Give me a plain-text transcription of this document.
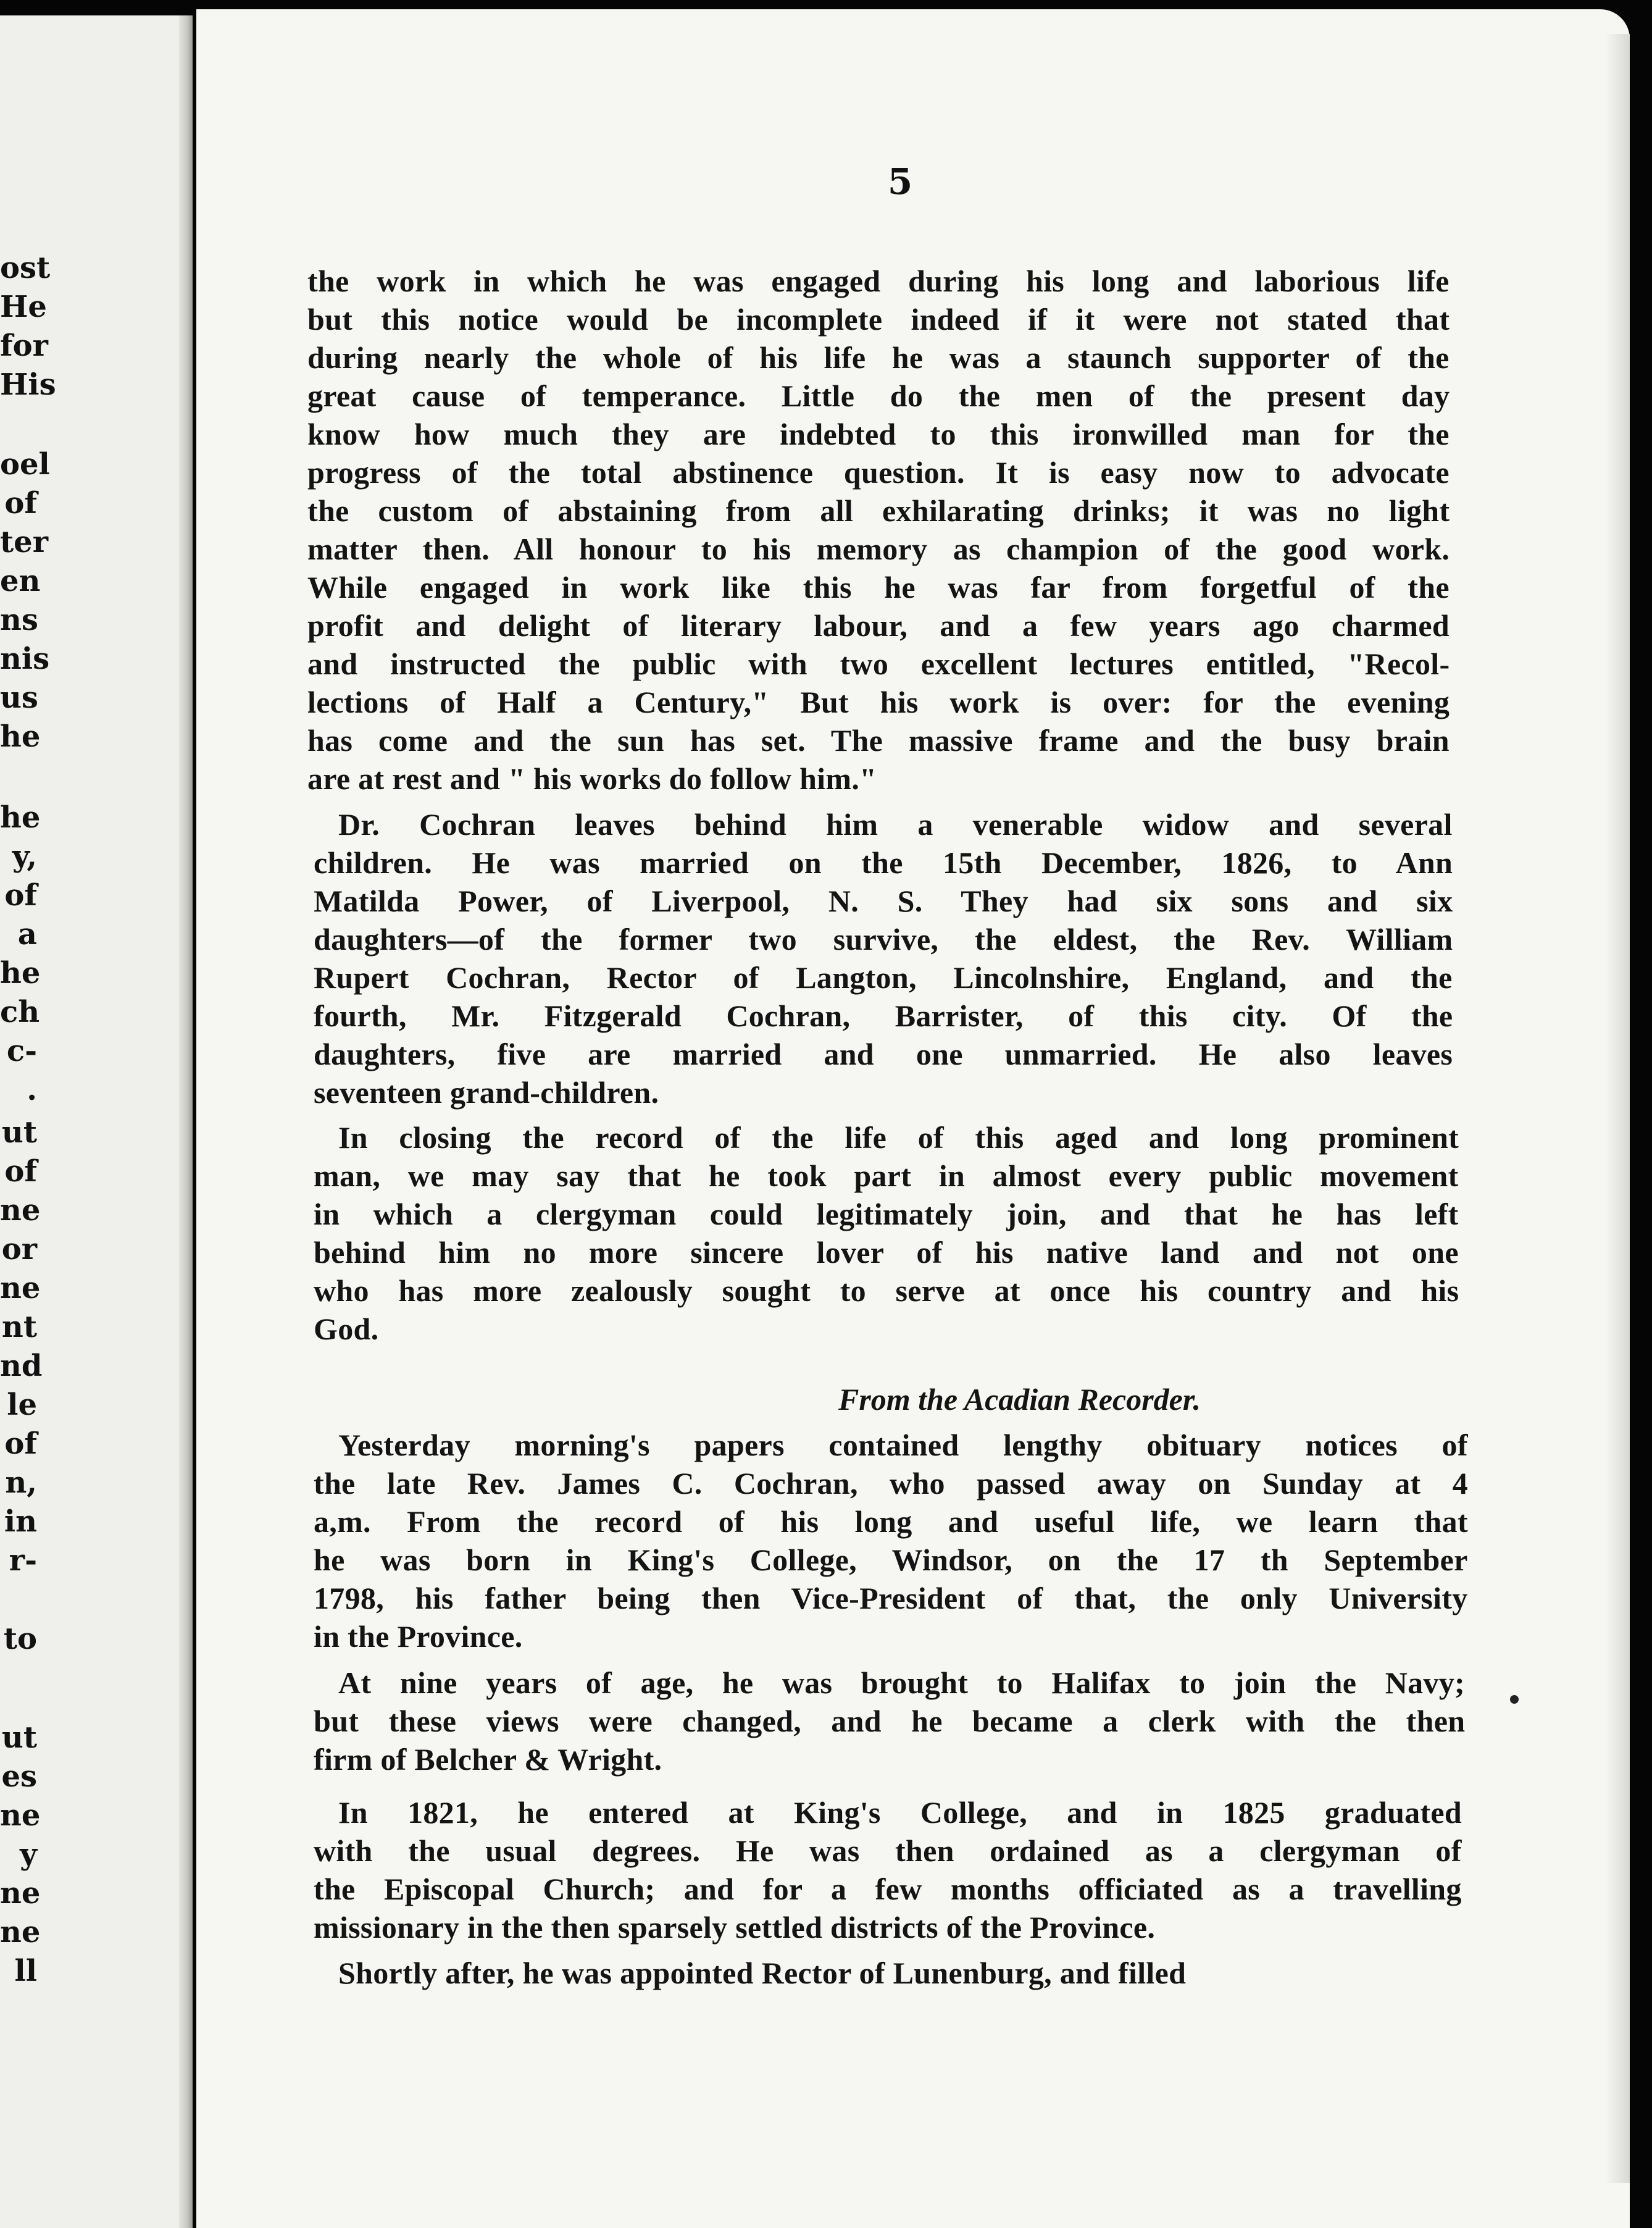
ost
He
for
His
oel
of
ter
en
ns
nis
us
he
he
y,
of
a
he
ch
c-
.
ut
of
ne
or
ne
nt
nd
le
of
n,
in
r-
to
ut
es
ne
y
ne
ne
ll
5
the work in which he was engaged during his long and laborious life
but this notice would be incomplete indeed if it were not stated that
during nearly the whole of his life he was a staunch supporter of the
great cause of temperance. Little do the men of the present day
know how much they are indebted to this ironwilled man for the
progress of the total abstinence question. It is easy now to advocate
the custom of abstaining from all exhilarating drinks; it was no light
matter then. All honour to his memory as champion of the good work.
While engaged in work like this he was far from forgetful of the
profit and delight of literary labour, and a few years ago charmed
and instructed the public with two excellent lectures entitled, "Recol-
lections of Half a Century," But his work is over: for the evening
has come and the sun has set. The massive frame and the busy brain
are at rest and " his works do follow him."
Dr. Cochran leaves behind him a venerable widow and several
children. He was married on the 15th December, 1826, to Ann
Matilda Power, of Liverpool, N. S. They had six sons and six
daughters—of the former two survive, the eldest, the Rev. William
Rupert Cochran, Rector of Langton, Lincolnshire, England, and the
fourth, Mr. Fitzgerald Cochran, Barrister, of this city. Of the
daughters, five are married and one unmarried. He also leaves
seventeen grand-children.
In closing the record of the life of this aged and long prominent
man, we may say that he took part in almost every public movement
in which a clergyman could legitimately join, and that he has left
behind him no more sincere lover of his native land and not one
who has more zealously sought to serve at once his country and his
God.
Yesterday morning's papers contained lengthy obituary notices of
the late Rev. James C. Cochran, who passed away on Sunday at 4
a,m. From the record of his long and useful life, we learn that
he was born in King's College, Windsor, on the 17 th September
1798, his father being then Vice-President of that, the only University
in the Province.
At nine years of age, he was brought to Halifax to join the Navy;
but these views were changed, and he became a clerk with the then
firm of Belcher & Wright.
In 1821, he entered at King's College, and in 1825 graduated
with the usual degrees. He was then ordained as a clergyman of
the Episcopal Church; and for a few months officiated as a travelling
missionary in the then sparsely settled districts of the Province.
Shortly after, he was appointed Rector of Lunenburg, and filled
From the Acadian Recorder.
